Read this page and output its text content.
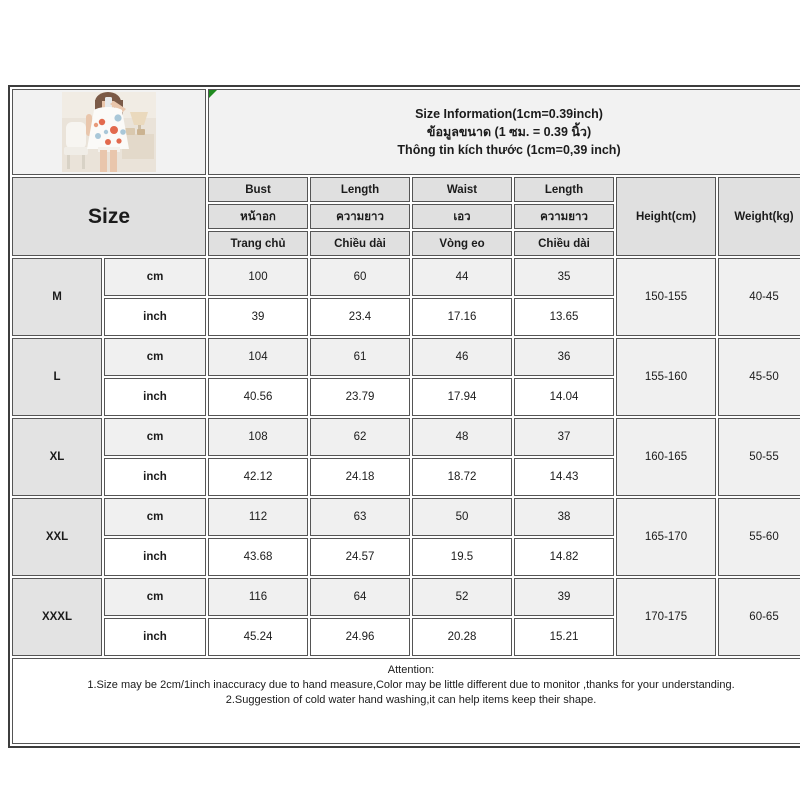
Size Information(1cm=0.39inch)
ข้อมูลขนาด (1 ซม. = 0.39 นิ้ว)
Thông tin kích thước (1cm=0,39 inch)					

Size		Bust	Length	Waist	Length	Height(cm)	Weight(kg)
		หน้าอก	ความยาว	เอว	ความยาว		
		Trang chủ	Chiều dài	Vòng eo	Chiều dài		
M	cm	100	60	44	35	150-155	40-45
	inch	39	23.4	17.16	13.65		
L	cm	104	61	46	36	155-160	45-50
	inch	40.56	23.79	17.94	14.04		
XL	cm	108	62	48	37	160-165	50-55
	inch	42.12	24.18	18.72	14.43		
XXL	cm	112	63	50	38	165-170	55-60
	inch	43.68	24.57	19.5	14.82		
XXXL	cm	116	64	52	39	170-175	60-65
	inch	45.24	24.96	20.28	15.21		

Attention:
1.Size may be 2cm/1inch inaccuracy due to hand measure,Color may be little different due to monitor ,thanks for your understanding.
2.Suggestion of cold water hand washing,it can help items keep their shape.							
